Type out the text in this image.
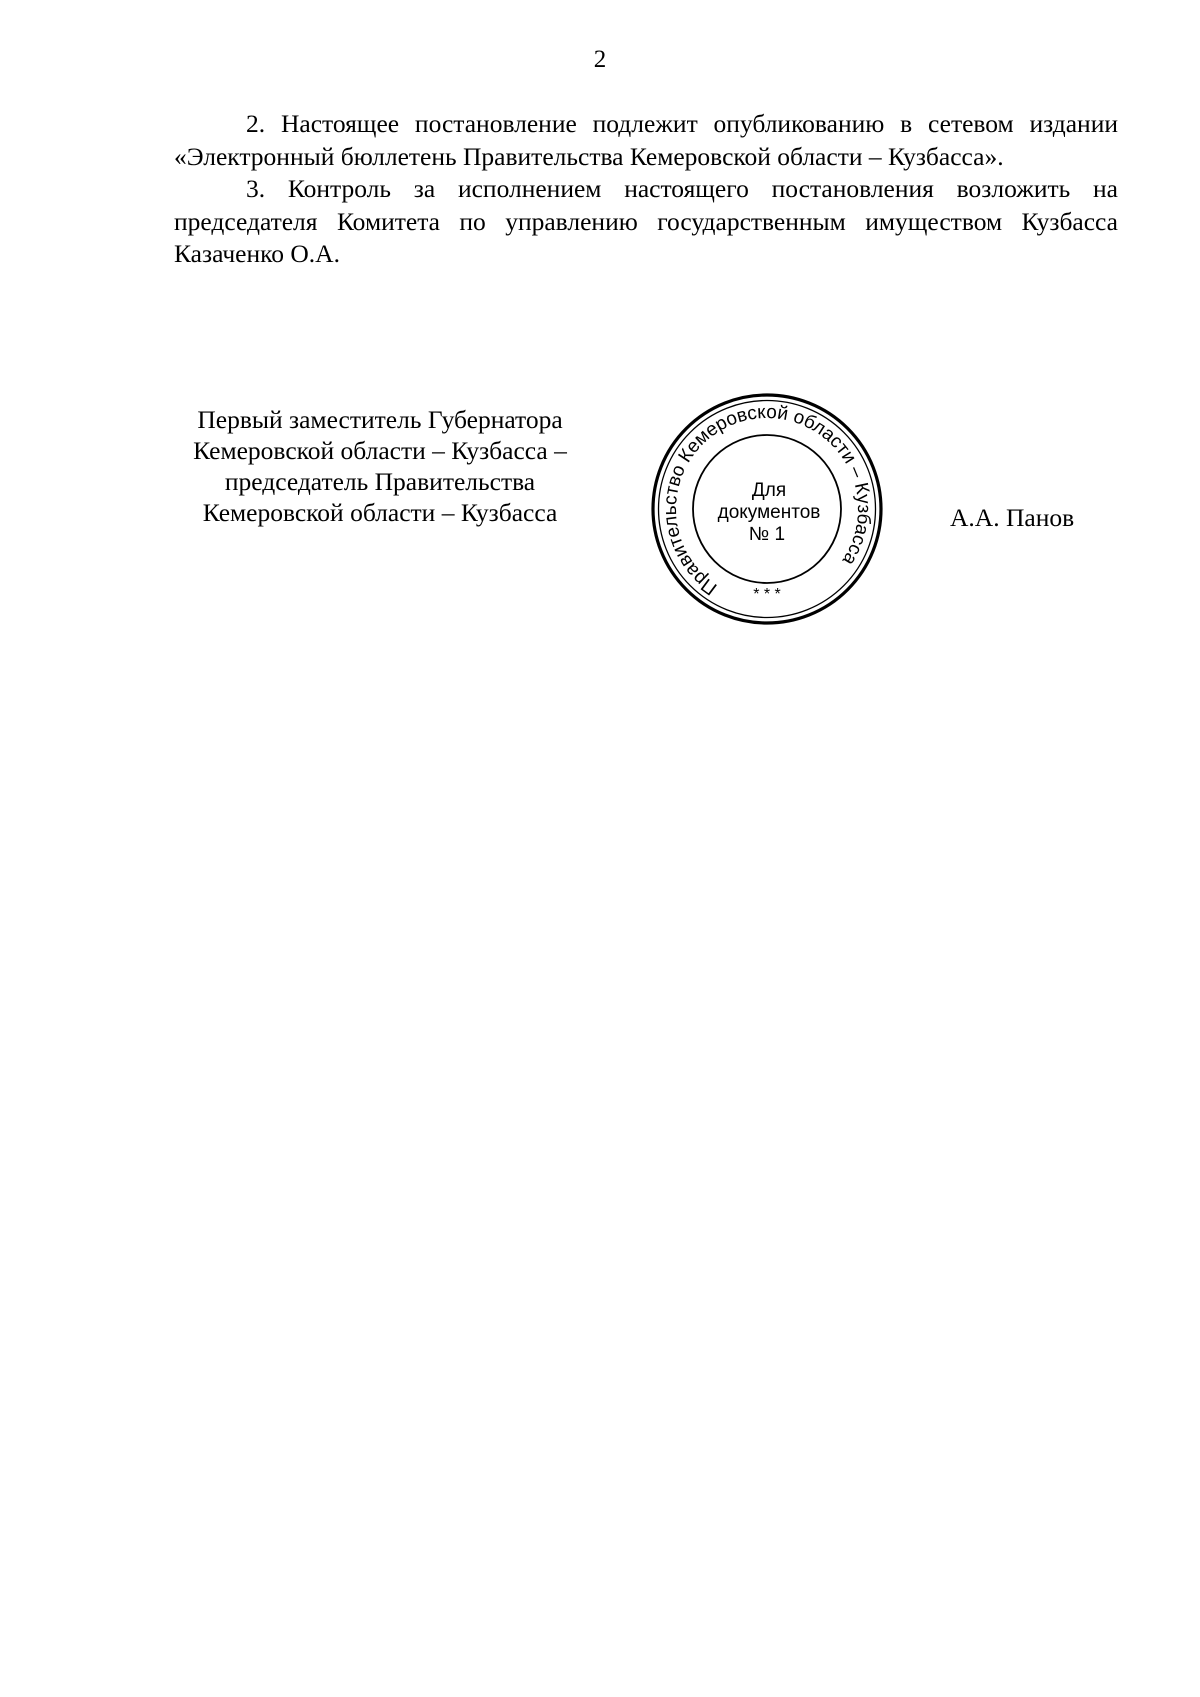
2

2. Настоящее постановление подлежит опубликованию в сетевом издании «Электронный бюллетень Правительства Кемеровской области – Кузбасса».

3. Контроль за исполнением настоящего постановления возложить на председателя Комитета по управлению государственным имуществом Кузбасса Казаченко О.А.

Первый заместитель Губернатора
Кемеровской области – Кузбасса –
председатель Правительства
Кемеровской области – Кузбасса
Правительство Кемеровской области – Кузбасса
* * *
Для
документов
№ 1
А.А. Панов
